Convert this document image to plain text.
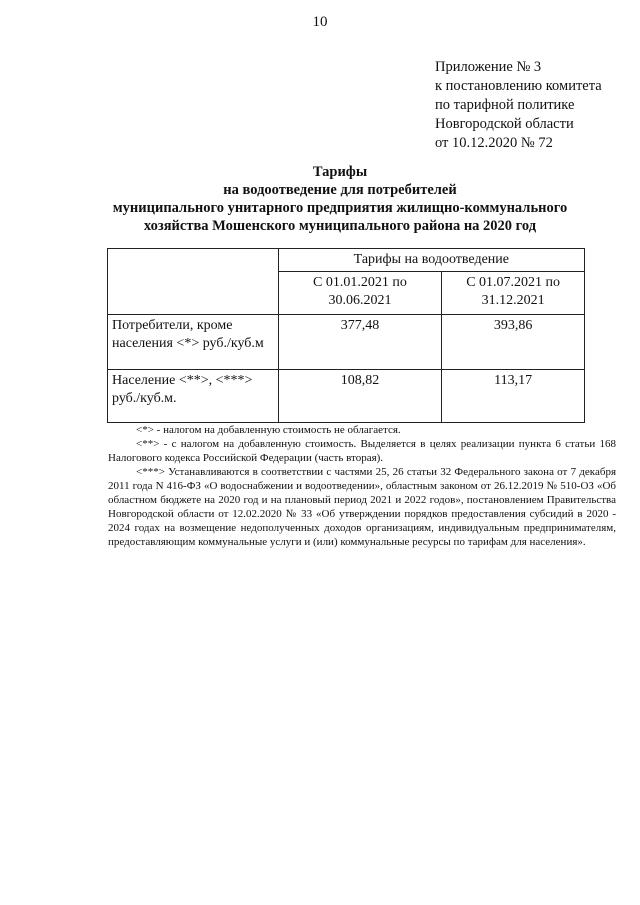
10
Приложение № 3
к постановлению комитета
по тарифной политике
Новгородской области
от 10.12.2020 № 72
Тарифы
на водоотведение для потребителей
муниципального унитарного предприятия жилищно-коммунального
хозяйства Мошенского муниципального района на 2020 год
	Тарифы на водоотведение	
	С 01.01.2021 по 30.06.2021	С 01.07.2021 по 31.12.2021
Потребители, кроме населения <*> руб./куб.м	377,48	393,86
Население <**>, <***> руб./куб.м.	108,82	113,17

<*> - налогом на добавленную стоимость не облагается.

<**> - с налогом на добавленную стоимость. Выделяется в целях реализации пункта 6 статьи 168 Налогового кодекса Российской Федерации (часть вторая).

<***> Устанавливаются в соответствии с частями 25, 26 статьи 32 Федерального закона от 7 декабря 2011 года N 416-ФЗ «О водоснабжении и водоотведении», областным законом от 26.12.2019 № 510-ОЗ «Об областном бюджете на 2020 год и на плановый период 2021 и 2022 годов», постановлением Правительства Новгородской области от 12.02.2020 № 33 «Об утверждении порядков предоставления субсидий в 2020 - 2024 годах на возмещение недополученных доходов организациям, индивидуальным предпринимателям, предоставляющим коммунальные услуги и (или) коммунальные ресурсы по тарифам для населения».
